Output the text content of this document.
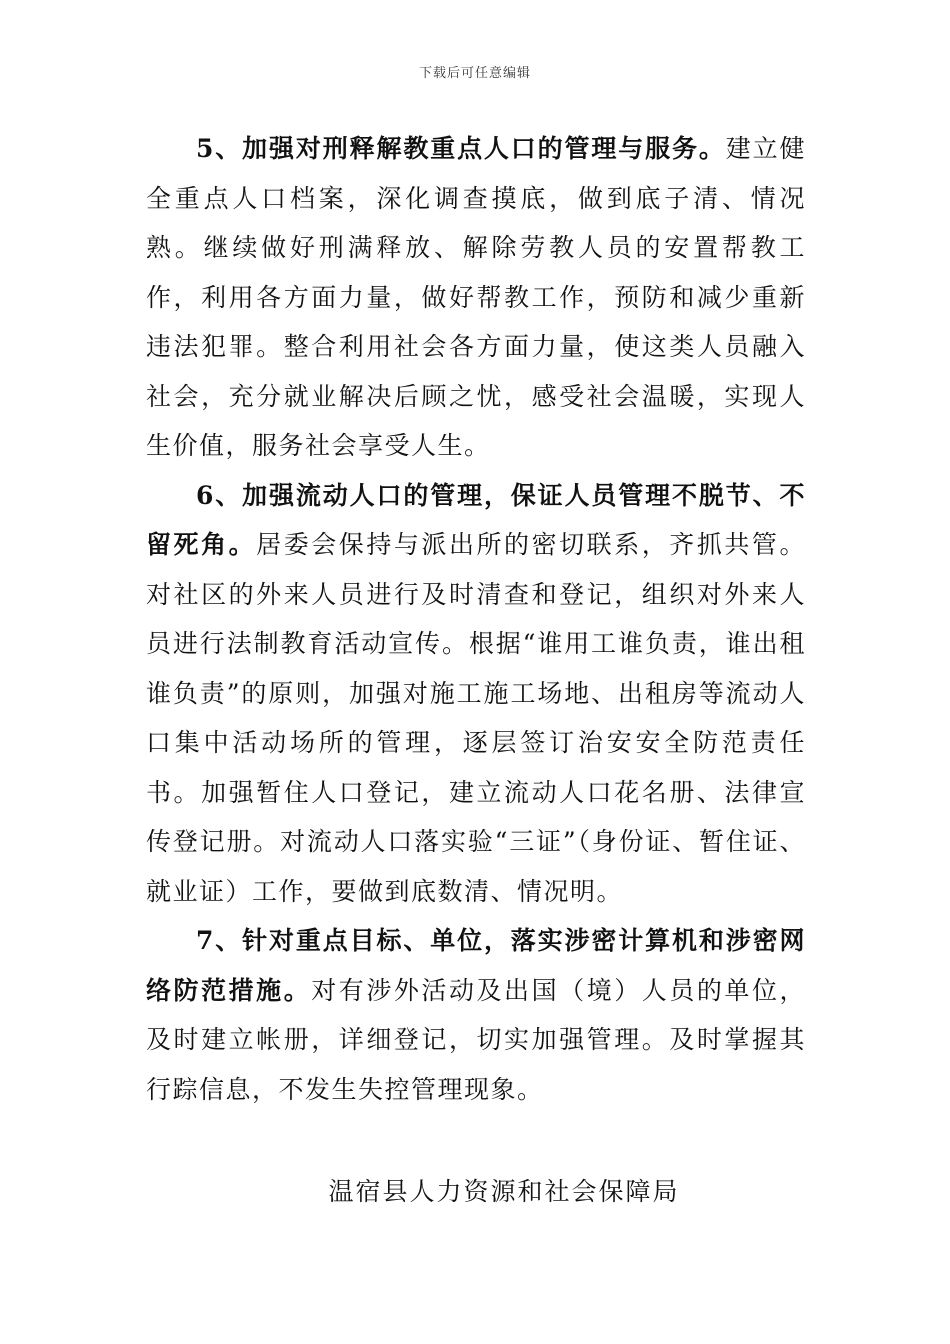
下载后可任意编辑

5、加强对刑释解教重点人口的管理与服务。建立健全重点人口档案，深化调查摸底，做到底子清、情况熟。继续做好刑满释放、解除劳教人员的安置帮教工作，利用各方面力量，做好帮教工作，预防和减少重新违法犯罪。整合利用社会各方面力量，使这类人员融入社会，充分就业解决后顾之忧，感受社会温暖，实现人生价值，服务社会享受人生。

6、加强流动人口的管理，保证人员管理不脱节、不留死角。居委会保持与派出所的密切联系，齐抓共管。对社区的外来人员进行及时清查和登记，组织对外来人员进行法制教育活动宣传。根据“谁用工谁负责，谁出租谁负责”的原则，加强对施工施工场地、出租房等流动人口集中活动场所的管理，逐层签订治安安全防范责任书。加强暂住人口登记，建立流动人口花名册、法律宣传登记册。对流动人口落实验“三证”（身份证、暂住证、就业证）工作，要做到底数清、情况明。

7、针对重点目标、单位，落实涉密计算机和涉密网络防范措施。对有涉外活动及出国（境）人员的单位，及时建立帐册，详细登记，切实加强管理。及时掌握其行踪信息，不发生失控管理现象。

温宿县人力资源和社会保障局
